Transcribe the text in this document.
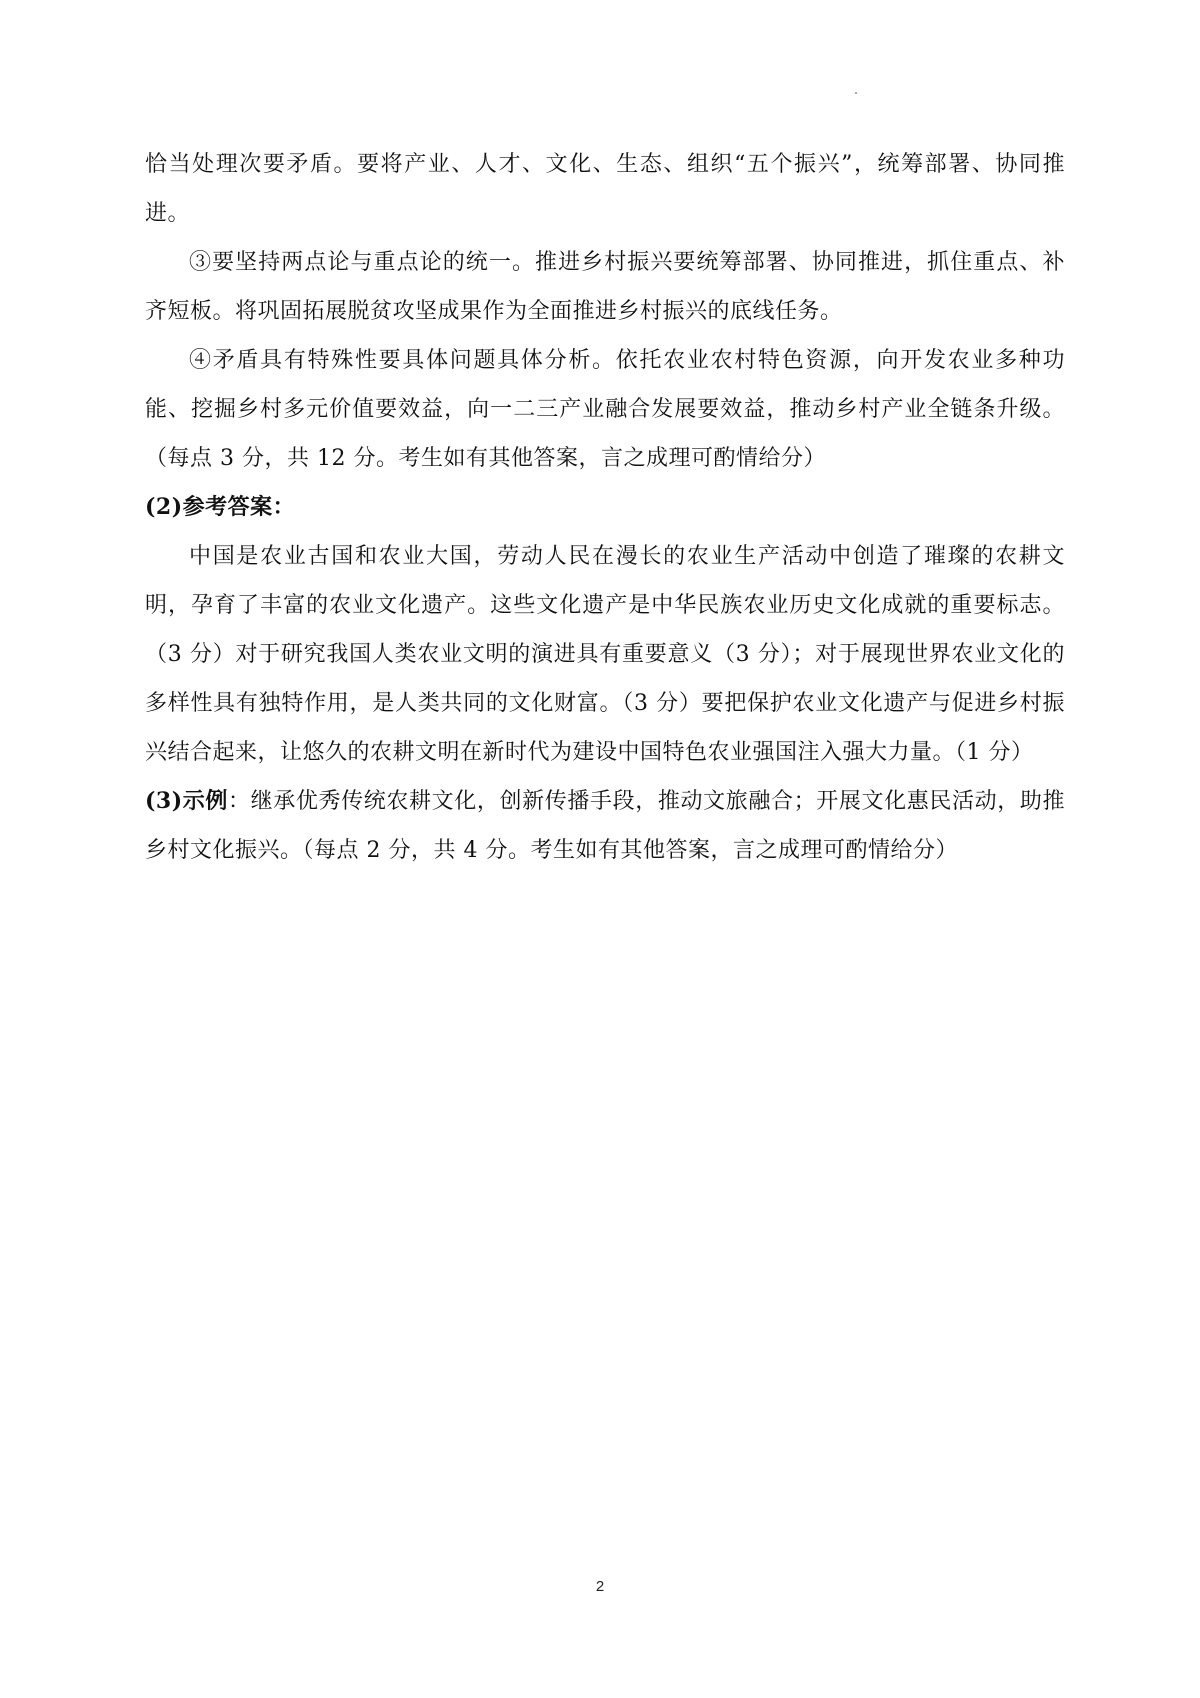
恰当处理次要矛盾。要将产业、人才、文化、生态、组织“五个振兴”，统筹部署、协同推进。

③要坚持两点论与重点论的统一。推进乡村振兴要统筹部署、协同推进，抓住重点、补齐短板。将巩固拓展脱贫攻坚成果作为全面推进乡村振兴的底线任务。

④矛盾具有特殊性要具体问题具体分析。依托农业农村特色资源，向开发农业多种功能、挖掘乡村多元价值要效益，向一二三产业融合发展要效益，推动乡村产业全链条升级。（每点 3 分，共 12 分。考生如有其他答案，言之成理可酌情给分）

(2)参考答案：

中国是农业古国和农业大国，劳动人民在漫长的农业生产活动中创造了璀璨的农耕文明，孕育了丰富的农业文化遗产。这些文化遗产是中华民族农业历史文化成就的重要标志。（3 分）对于研究我国人类农业文明的演进具有重要意义（3 分）；对于展现世界农业文化的多样性具有独特作用，是人类共同的文化财富。（3 分）要把保护农业文化遗产与促进乡村振兴结合起来，让悠久的农耕文明在新时代为建设中国特色农业强国注入强大力量。（1 分）

(3)示例：继承优秀传统农耕文化，创新传播手段，推动文旅融合；开展文化惠民活动，助推乡村文化振兴。（每点 2 分，共 4 分。考生如有其他答案，言之成理可酌情给分）

2
